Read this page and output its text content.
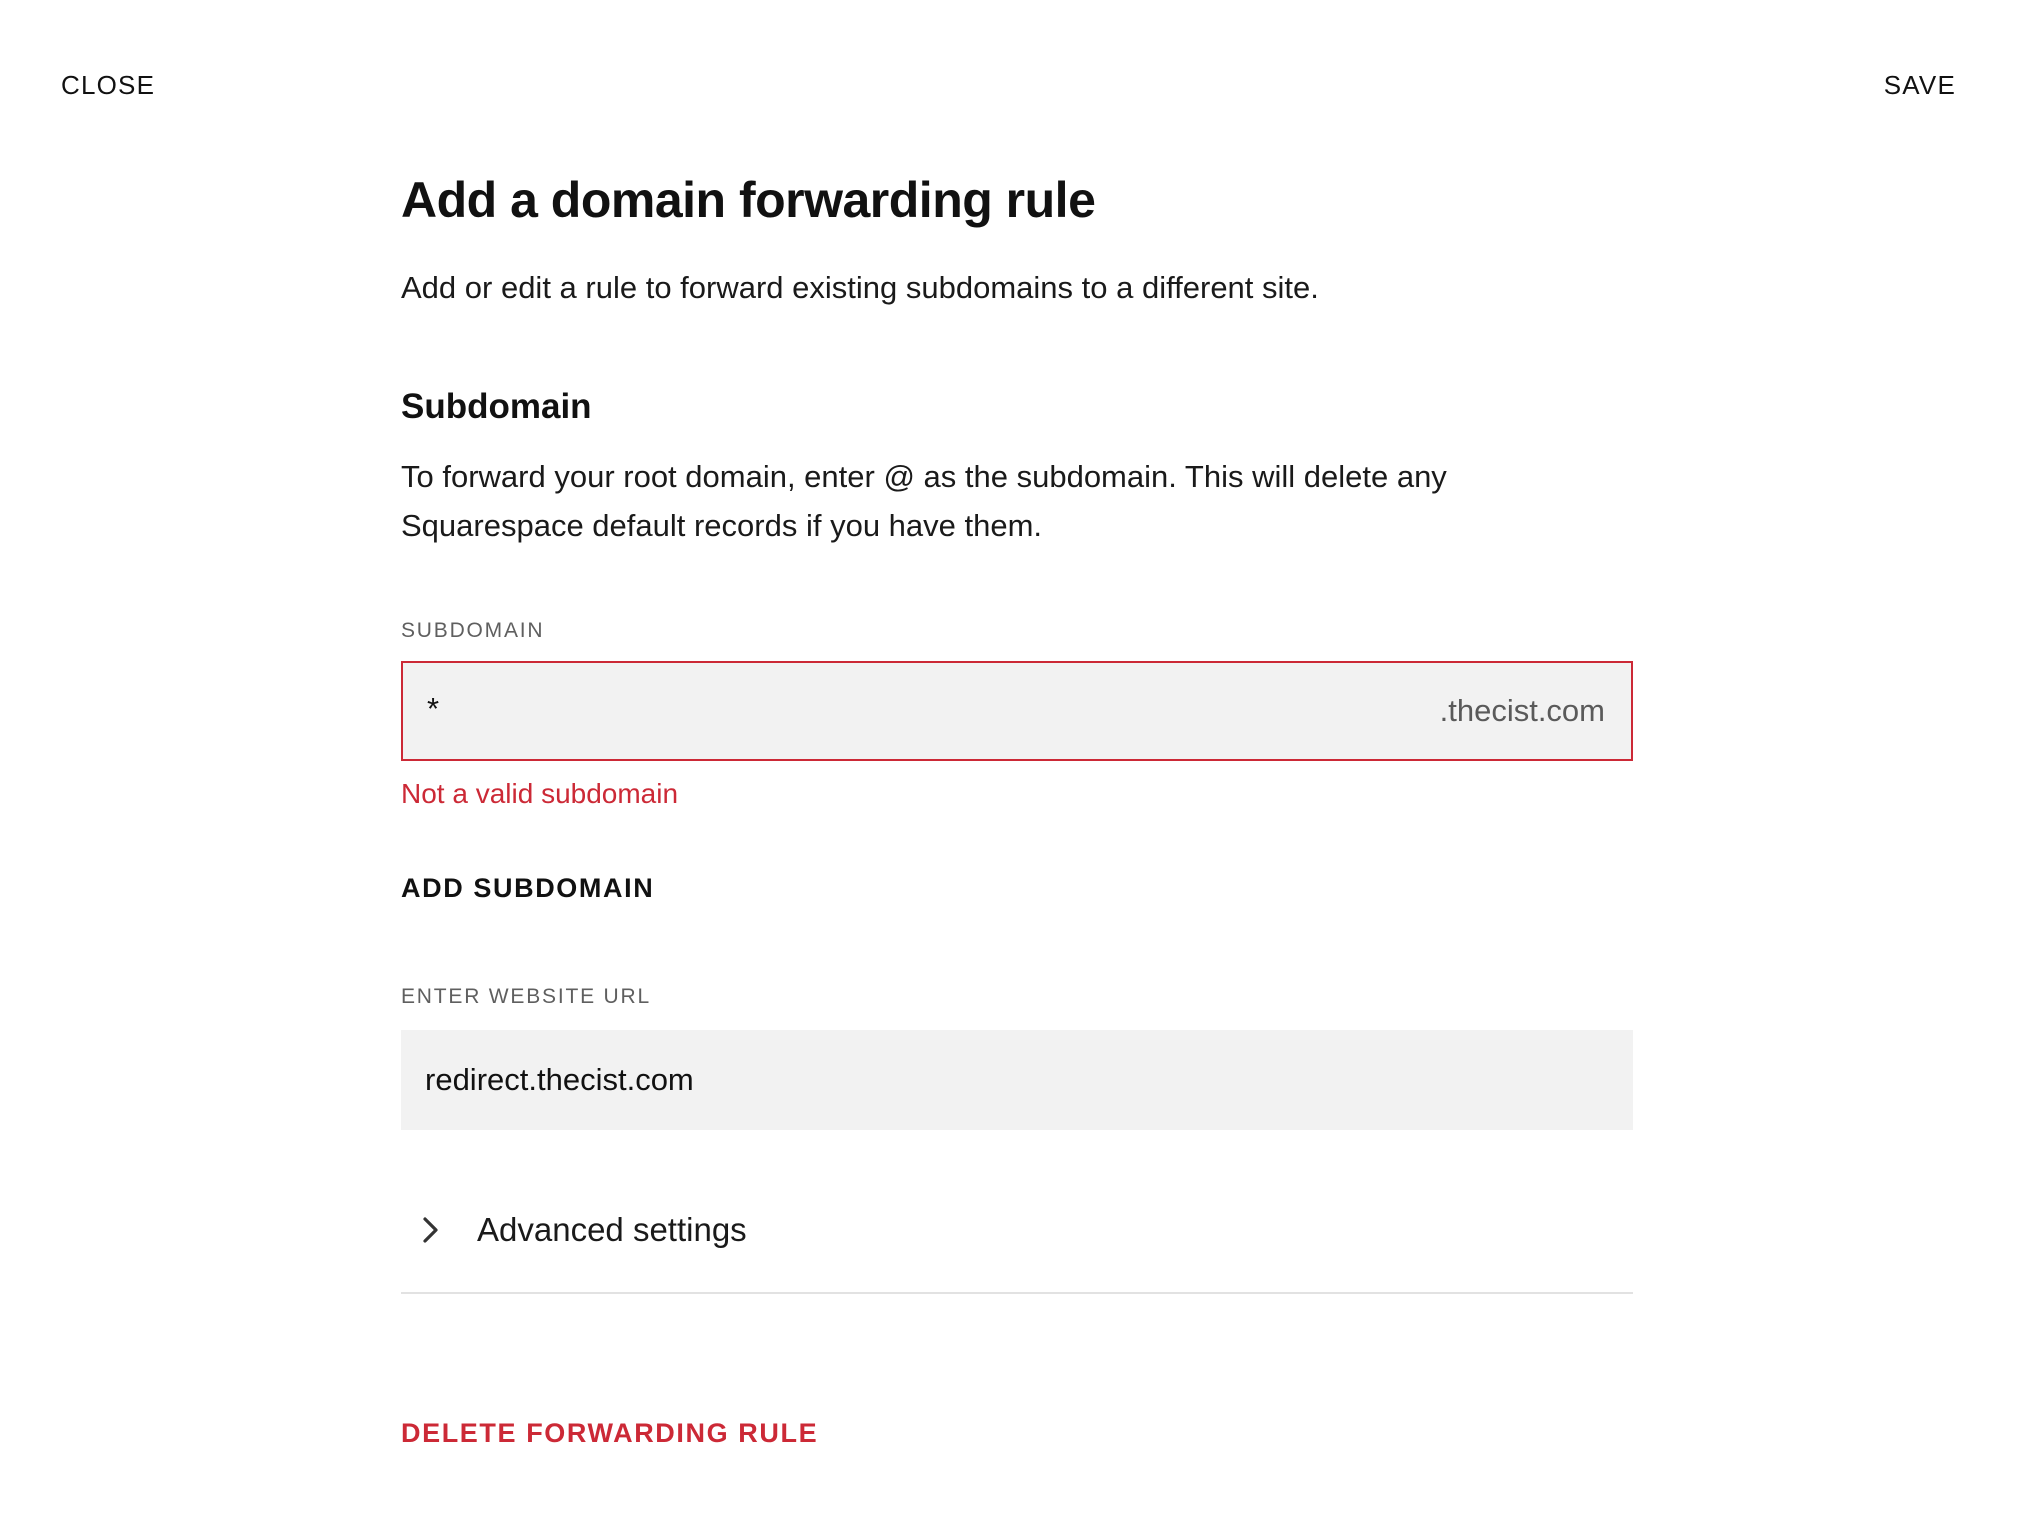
CLOSE	SAVE
Add a domain forwarding rule

Add or edit a rule to forward existing subdomains to a different site.

Subdomain

To forward your root domain, enter @ as the subdomain. This will delete any Squarespace default records if you have them.

SUBDOMAIN
*
.thecist.com
Not a valid subdomain
ADD SUBDOMAIN
ENTER WEBSITE URL
redirect.thecist.com
Advanced settings
DELETE FORWARDING RULE
